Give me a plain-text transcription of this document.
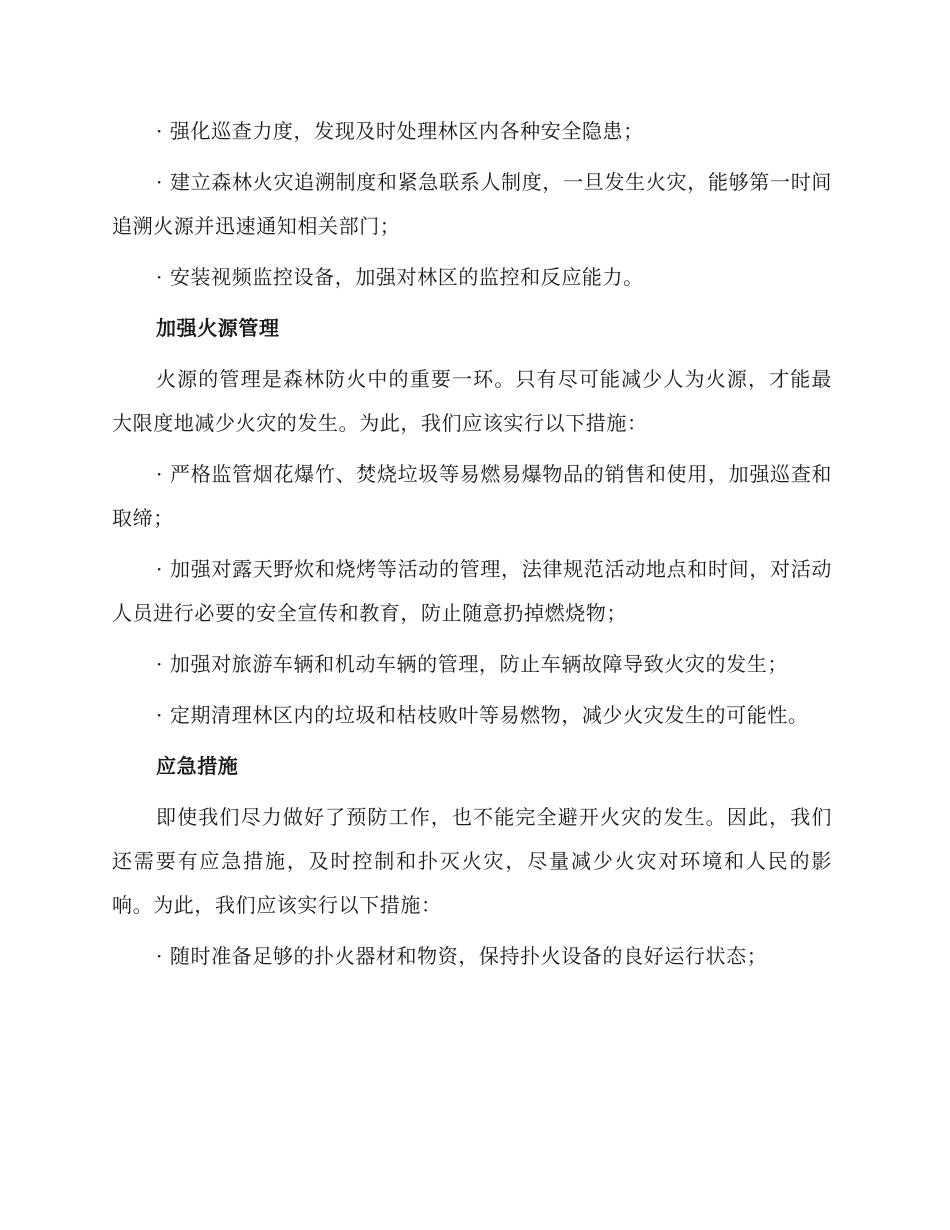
· 强化巡查力度，发现及时处理林区内各种安全隐患；

· 建立森林火灾追溯制度和紧急联系人制度，一旦发生火灾，能够第一时间追溯火源并迅速通知相关部门；

· 安装视频监控设备，加强对林区的监控和反应能力。

加强火源管理

火源的管理是森林防火中的重要一环。只有尽可能减少人为火源，才能最大限度地减少火灾的发生。为此，我们应该实行以下措施：

· 严格监管烟花爆竹、焚烧垃圾等易燃易爆物品的销售和使用，加强巡查和取缔；

· 加强对露天野炊和烧烤等活动的管理，法律规范活动地点和时间，对活动人员进行必要的安全宣传和教育，防止随意扔掉燃烧物；

· 加强对旅游车辆和机动车辆的管理，防止车辆故障导致火灾的发生；

· 定期清理林区内的垃圾和枯枝败叶等易燃物，减少火灾发生的可能性。

应急措施

即使我们尽力做好了预防工作，也不能完全避开火灾的发生。因此，我们还需要有应急措施，及时控制和扑灭火灾，尽量减少火灾对环境和人民的影响。为此，我们应该实行以下措施：

· 随时准备足够的扑火器材和物资，保持扑火设备的良好运行状态；
